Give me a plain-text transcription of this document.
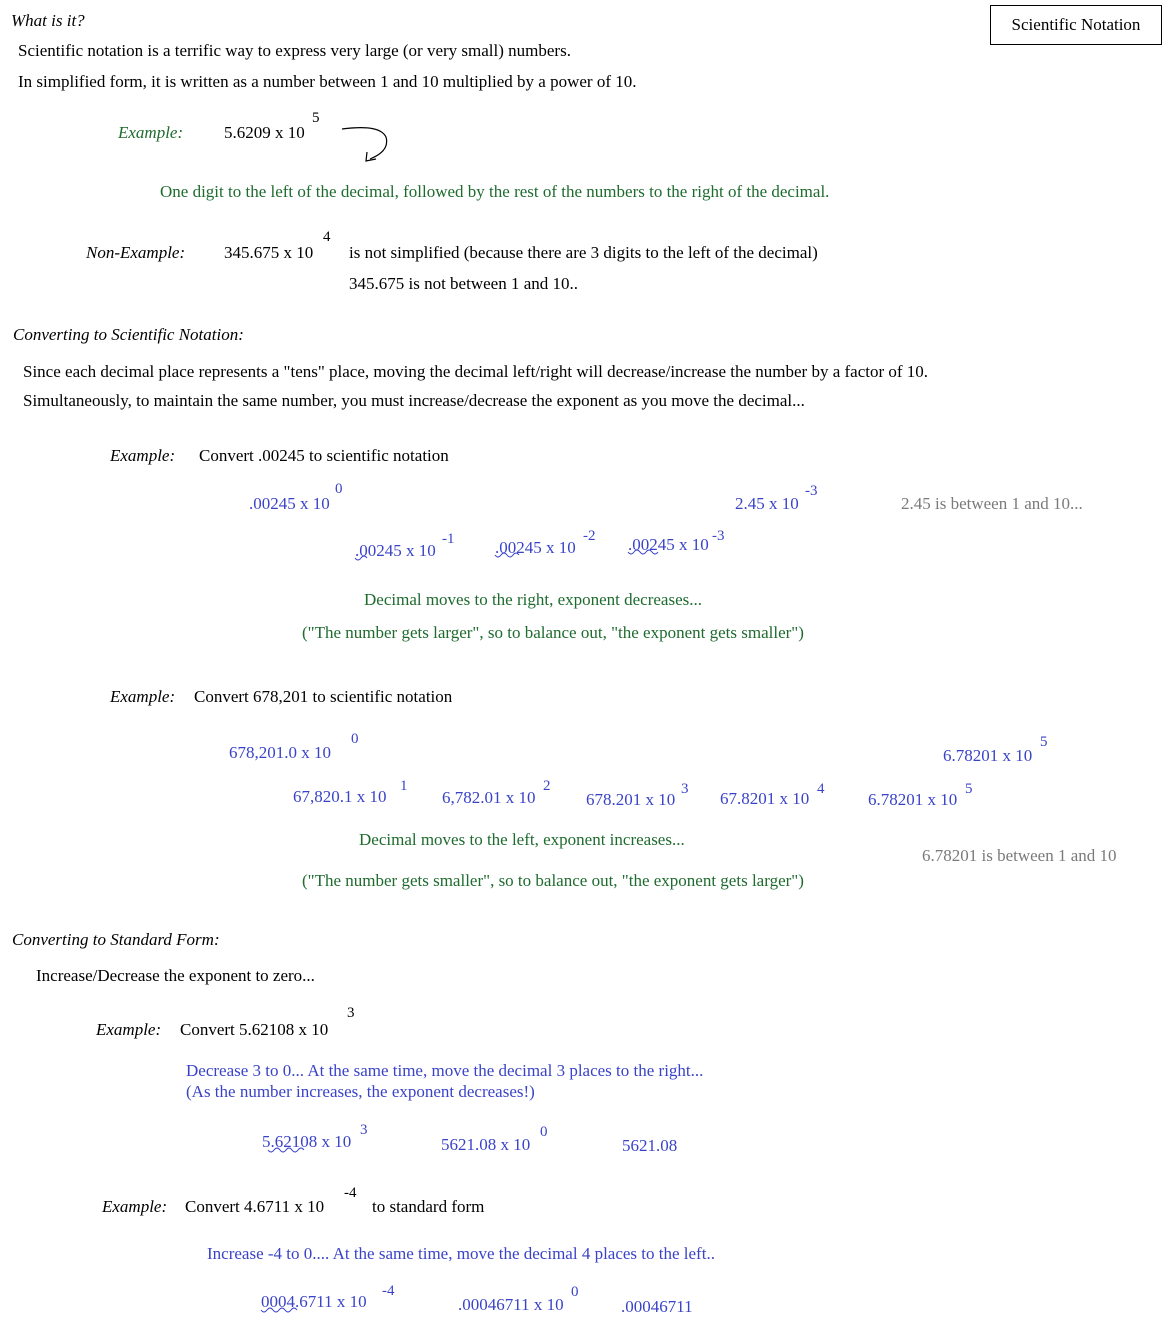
Scientific Notation
What is it?
Scientific notation is a terrific way to express very large (or very small) numbers.
In simplified form, it is written as a number between 1 and 10 multiplied by a power of 10.
Example: 5.6209 x 10
5
One digit to the left of the decimal, followed by the rest of the numbers to the right of the decimal.
Non-Example: 345.675 x 10
4
is not simplified (because there are 3 digits to the left of the decimal)
345.675 is not between 1 and 10..
Converting to Scientific Notation:
Since each decimal place represents a "tens" place, moving the decimal left/right will decrease/increase the number by a factor of 10.
Simultaneously, to maintain the same number, you must increase/decrease the exponent as you move the decimal...
Example: Convert .00245 to scientific notation
.00245 x 10
0
2.45 x 10
-3
2.45 is between 1 and 10...
.00245 x 10
-1 .00245 x 10
-2 .00245 x 10 -3
Decimal moves to the right, exponent decreases...
("The number gets larger", so to balance out, "the exponent gets smaller")
Example: Convert 678,201 to scientific notation
678,201.0 x 10
0
6.78201 x 10
5
67,820.1 x 10
1
6,782.01 x 10
2
678.201 x 10
3 67.8201 x 10 4
6.78201 x 10
5
Decimal moves to the left, exponent increases...
6.78201 is between 1 and 10
("The number gets smaller", so to balance out, "the exponent gets larger")
Converting to Standard Form:
Increase/Decrease the exponent to zero...
Example: Convert 5.62108 x 10
3
Decrease 3 to 0... At the same time, move the decimal 3 places to the right...
(As the number increases, the exponent decreases!)
5.62108 x 10
3
5621.08 x 10
0
5621.08
Example: Convert 4.6711 x 10
-4
to standard form
Increase -4 to 0.... At the same time, move the decimal 4 places to the left..
0004.6711 x 10
-4
.00046711 x 10
0
.00046711
